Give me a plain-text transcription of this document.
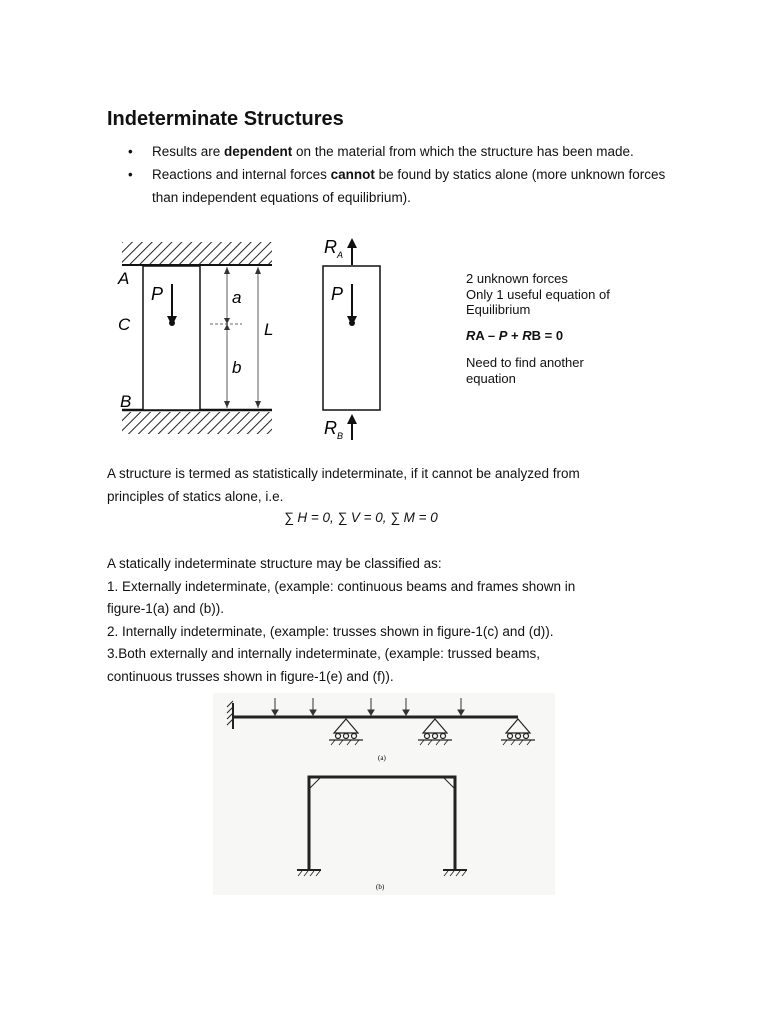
Indeterminate Structures
• Results are dependent on the material from which the structure has been made.
• Reactions and internal forces cannot be found by statics alone (more unknown forces than independent equations of equilibrium).
P
A
C
B
a
b
L
$R_A$
P
$R_B$
2 unknown forces
Only 1 useful equation of
Equilibrium
RA – P + RB = 0
Need to find another
equation

A structure is termed as statistically indeterminate, if it cannot be analyzed from

principles of statics alone, i.e.

∑ H = 0, ∑ V = 0, ∑ M = 0

A statically indeterminate structure may be classified as:

1. Externally indeterminate, (example: continuous beams and frames shown in

figure-1(a) and (b)).

2. Internally indeterminate, (example: trusses shown in figure-1(c) and (d)).

3.Both externally and internally indeterminate, (example: trussed beams,

continuous trusses shown in figure-1(e) and (f)).

(a)
(b)
